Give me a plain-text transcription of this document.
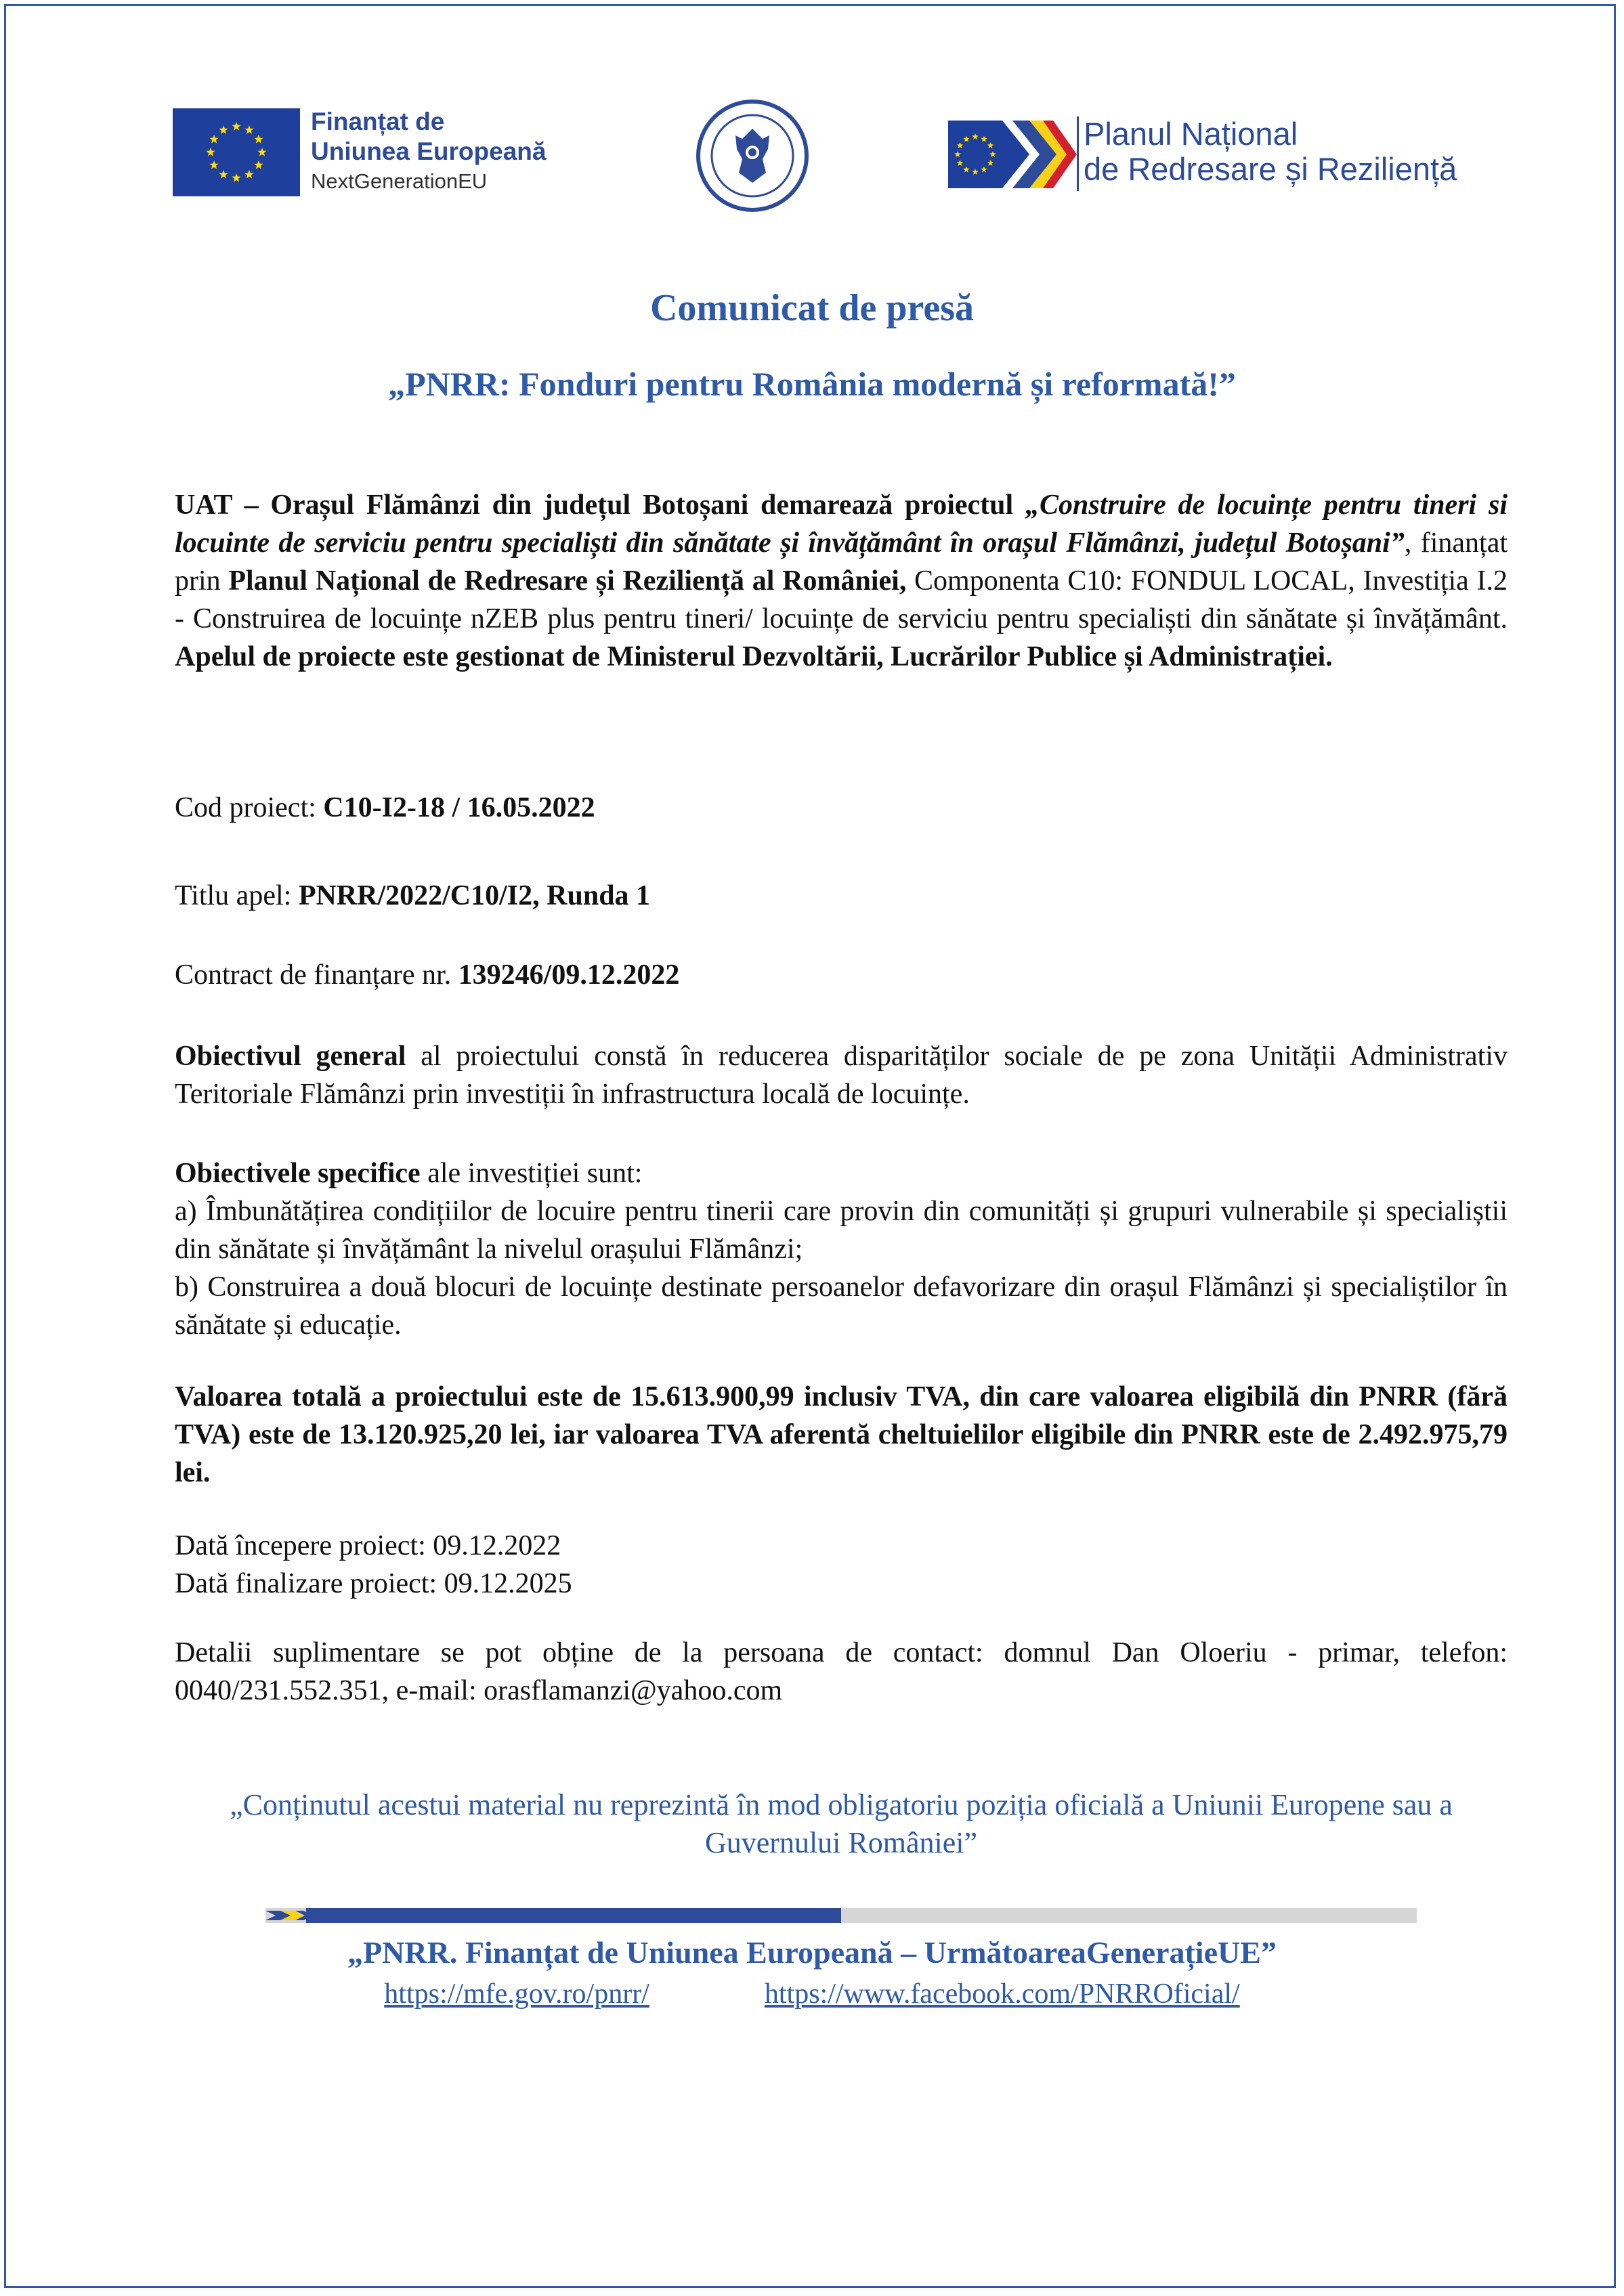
Finanțat de
Uniunea Europeană
NextGenerationEU
Planul Național
de Redresare și Reziliență
Comunicat de presă
„PNRR: Fonduri pentru România modernă și reformată!”
UAT – Orașul Flămânzi din județul Botoșani demarează proiectul „Construire de locuințe pentru tineri si locuinte de serviciu pentru specialiști din sănătate și învățământ în orașul Flămânzi, județul Botoșani”, finanțat prin Planul Național de Redresare și Reziliență al României, Componenta C10: FONDUL LOCAL, Investiția I.2 - Construirea de locuințe nZEB plus pentru tineri/ locuințe de serviciu pentru specialiști din sănătate și învățământ. Apelul de proiecte este gestionat de Ministerul Dezvoltării, Lucrărilor Publice și Administrației.
Cod proiect: C10-I2-18 / 16.05.2022
Titlu apel: PNRR/2022/C10/I2, Runda 1
Contract de finanțare nr. 139246/09.12.2022
Obiectivul general al proiectului constă în reducerea disparităților sociale de pe zona Unității Administrativ Teritoriale Flămânzi prin investiții în infrastructura locală de locuințe.
Obiectivele specifice ale investiției sunt:
a) Îmbunătățirea condițiilor de locuire pentru tinerii care provin din comunități și grupuri vulnerabile și specialiștii din sănătate și învățământ la nivelul orașului Flămânzi;
b) Construirea a două blocuri de locuințe destinate persoanelor defavorizare din orașul Flămânzi și specialiștilor în sănătate și educație.
Valoarea totală a proiectului este de 15.613.900,99 inclusiv TVA, din care valoarea eligibilă din PNRR (fără TVA) este de 13.120.925,20 lei, iar valoarea TVA aferentă cheltuielilor eligibile din PNRR este de 2.492.975,79 lei.
Dată începere proiect: 09.12.2022
Dată finalizare proiect: 09.12.2025
Detalii suplimentare se pot obține de la persoana de contact: domnul Dan Oloeriu - primar, telefon: 0040/231.552.351, e-mail: orasflamanzi@yahoo.com
„Conținutul acestui material nu reprezintă în mod obligatoriu poziția oficială a Uniunii Europene sau a Guvernului României”
„PNRR. Finanțat de Uniunea Europeană – UrmătoareaGenerațieUE”
https://mfe.gov.ro/pnrr/	https://www.facebook.com/PNRROficial/
